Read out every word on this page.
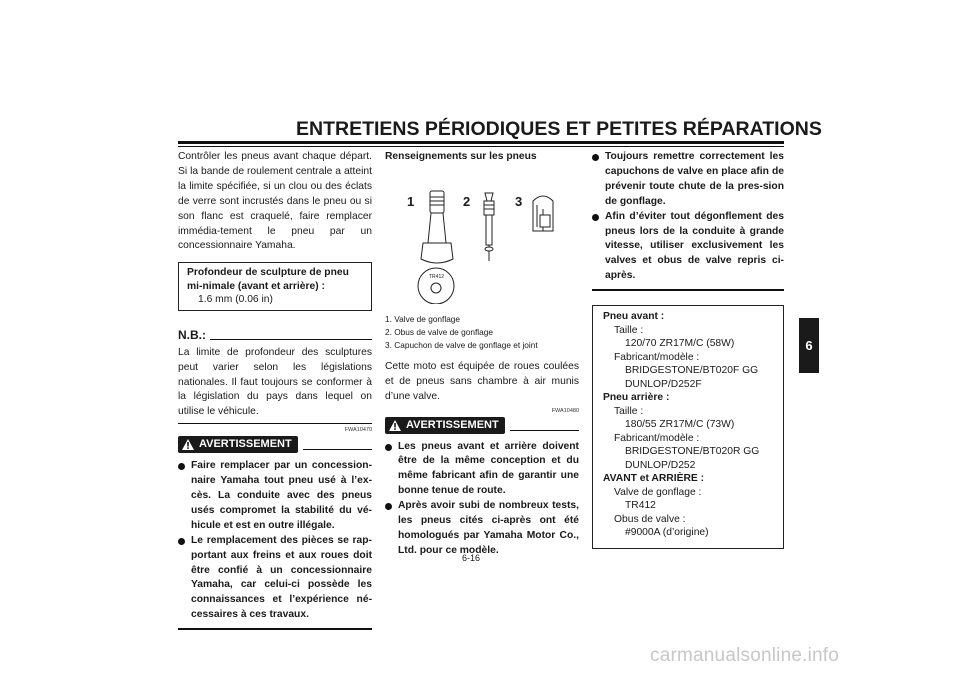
ENTRETIENS PÉRIODIQUES ET PETITES RÉPARATIONS

Contrôler les pneus avant chaque départ. Si la bande de roulement centrale a atteint la limite spécifiée, si un clou ou des éclats de verre sont incrustés dans le pneu ou si son flanc est craquelé, faire remplacer immédia-tement le pneu par un concessionnaire Yamaha.

Profondeur de sculpture de pneu mi-nimale (avant et arrière) :
1.6 mm (0.06 in)
N.B.:

La limite de profondeur des sculptures peut varier selon les législations nationales. Il faut toujours se conformer à la législation du pays dans lequel on utilise le véhicule.

FWA10470
AVERTISSEMENT
Faire remplacer par un concession-naire Yamaha tout pneu usé à l’ex-cès. La conduite avec des pneus usés compromet la stabilité du vé-hicule et est en outre illégale.
Le remplacement des pièces se rap-portant aux freins et aux roues doit être confié à un concessionnaire Yamaha, car celui-ci possède les connaissances et l’expérience né-cessaires à ces travaux.

Renseignements sur les pneus

1	2	3
TR412
1. Valve de gonflage
2. Obus de valve de gonflage
3. Capuchon de valve de gonflage et joint

Cette moto est équipée de roues coulées et de pneus sans chambre à air munis d’une valve.

FWA10480
AVERTISSEMENT
Les pneus avant et arrière doivent être de la même conception et du même fabricant afin de garantir une bonne tenue de route.
Après avoir subi de nombreux tests, les pneus cités ci-après ont été homologués par Yamaha Motor Co., Ltd. pour ce modèle.
Toujours remettre correctement les capuchons de valve en place afin de prévenir toute chute de la pres-sion de gonflage.
Afin d’éviter tout dégonflement des pneus lors de la conduite à grande vitesse, utiliser exclusivement les valves et obus de valve repris ci-après.
Pneu avant :
Taille :
120/70 ZR17M/C (58W)
Fabricant/modèle :
BRIDGESTONE/BT020F GG
DUNLOP/D252F
Pneu arrière :
Taille :
180/55 ZR17M/C (73W)
Fabricant/modèle :
BRIDGESTONE/BT020R GG
DUNLOP/D252
AVANT et ARRIÈRE :
Valve de gonflage :
TR412
Obus de valve :
#9000A (d’origine)
6
6-16
carmanualsonline.info
